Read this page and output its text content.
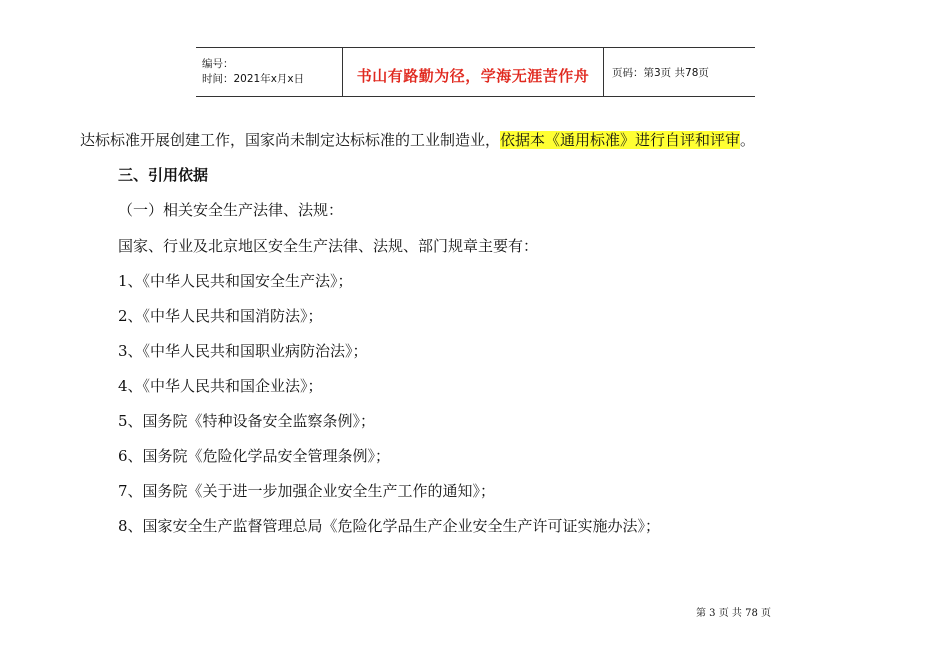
编号：
时间：2021年x月x日	书山有路勤为径，学海无涯苦作舟 页码：第3页 共78页
达标标准开展创建工作，国家尚未制定达标标准的工业制造业，依据本《通用标准》进行自评和评审。
三、引用依据
（一）相关安全生产法律、法规：
国家、行业及北京地区安全生产法律、法规、部门规章主要有：
1、《中华人民共和国安全生产法》；
2、《中华人民共和国消防法》；
3、《中华人民共和国职业病防治法》；
4、《中华人民共和国企业法》；
5、国务院《特种设备安全监察条例》；
6、国务院《危险化学品安全管理条例》；
7、国务院《关于进一步加强企业安全生产工作的通知》；
8、国家安全生产监督管理总局《危险化学品生产企业安全生产许可证实施办法》；
第 3 页 共 78 页
